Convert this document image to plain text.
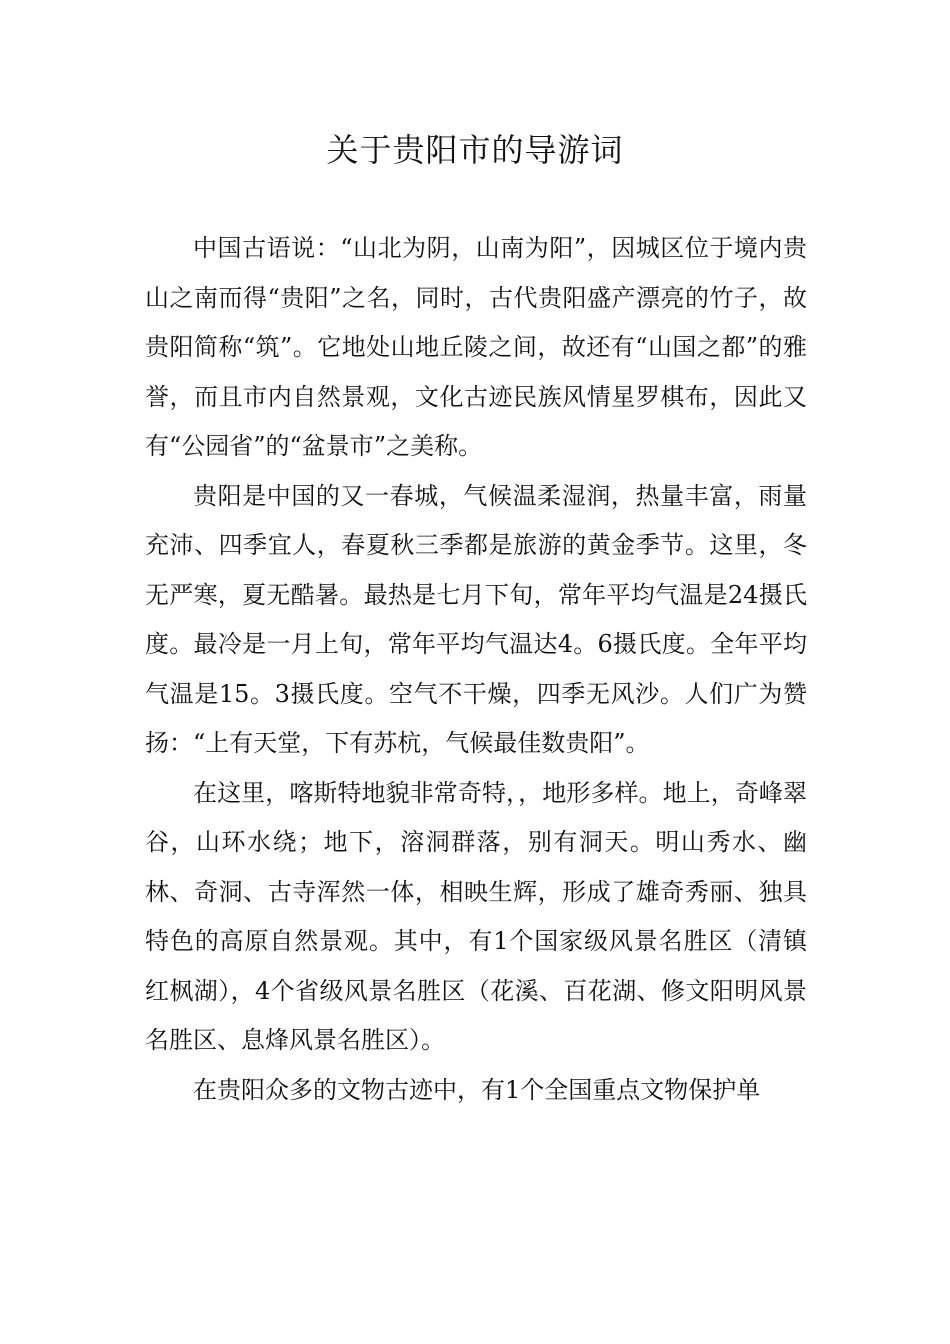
关于贵阳市的导游词

中国古语说：“山北为阴，山南为阳”，因城区位于境内贵山之南而得“贵阳”之名，同时，古代贵阳盛产漂亮的竹子，故贵阳简称“筑”。它地处山地丘陵之间，故还有“山国之都”的雅誉，而且市内自然景观，文化古迹民族风情星罗棋布，因此又有“公园省”的“盆景市”之美称。

贵阳是中国的又一春城，气候温柔湿润，热量丰富，雨量充沛、四季宜人，春夏秋三季都是旅游的黄金季节。这里，冬无严寒，夏无酷暑。最热是七月下旬，常年平均气温是24摄氏度。最冷是一月上旬，常年平均气温达4。6摄氏度。全年平均气温是15。3摄氏度。空气不干燥，四季无风沙。人们广为赞扬：“上有天堂，下有苏杭，气候最佳数贵阳”。

在这里，喀斯特地貌非常奇特，，地形多样。地上，奇峰翠谷，山环水绕；地下，溶洞群落，别有洞天。明山秀水、幽林、奇洞、古寺浑然一体，相映生辉，形成了雄奇秀丽、独具特色的高原自然景观。其中，有1个国家级风景名胜区（清镇红枫湖），4个省级风景名胜区（花溪、百花湖、修文阳明风景名胜区、息烽风景名胜区）。

在贵阳众多的文物古迹中，有1个全国重点文物保护单
